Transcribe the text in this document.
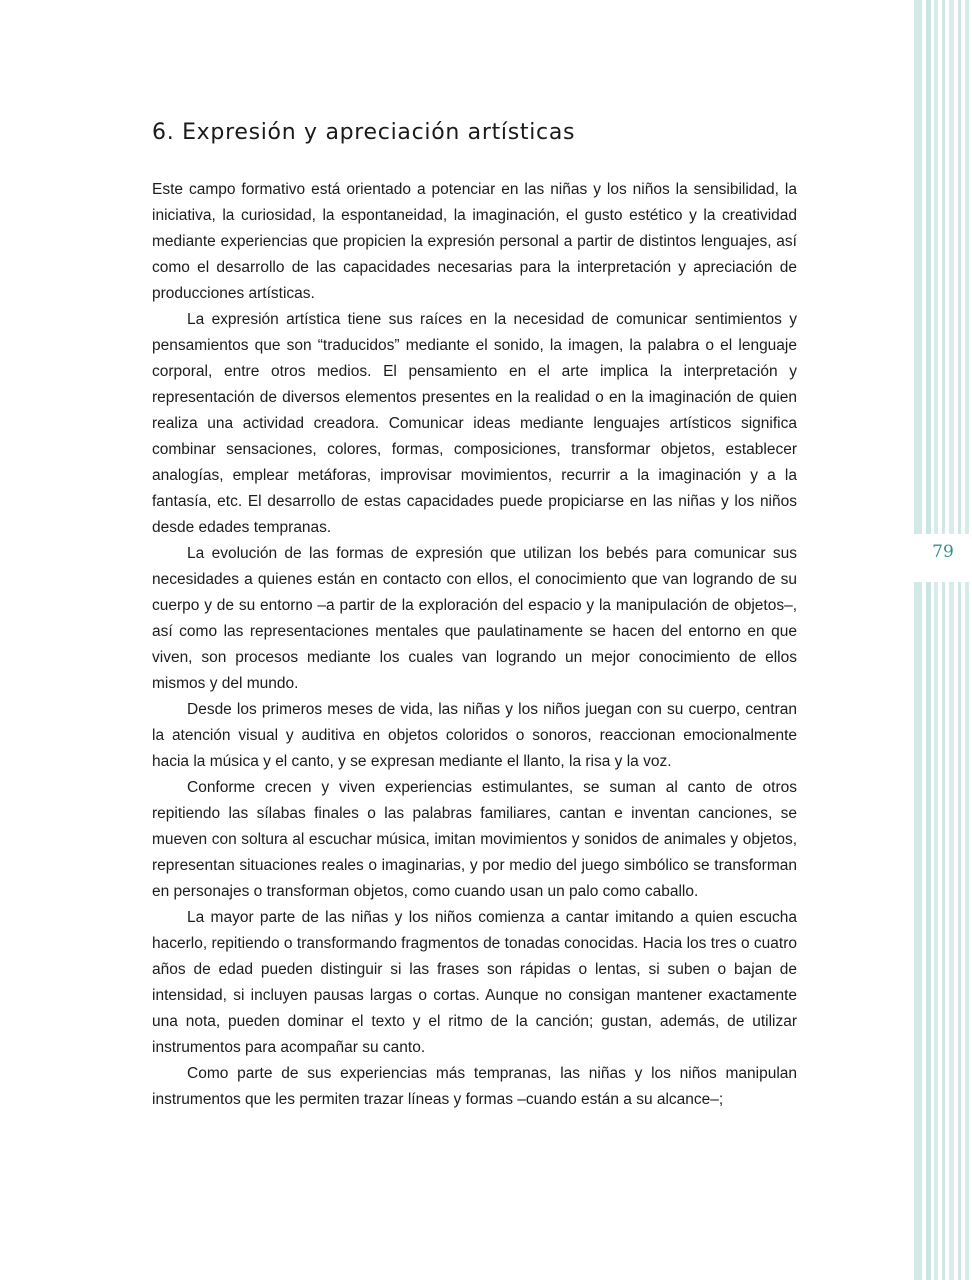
79
6. Expresión y apreciación artísticas

Este campo formativo está orientado a potenciar en las niñas y los niños la sensibilidad, la iniciativa, la curiosidad, la espontaneidad, la imaginación, el gusto estético y la creatividad mediante experiencias que propicien la expresión personal a partir de distintos lenguajes, así como el desarrollo de las capacidades necesarias para la interpretación y apreciación de producciones artísticas.

La expresión artística tiene sus raíces en la necesidad de comunicar sentimientos y pensamientos que son “traducidos” mediante el sonido, la imagen, la palabra o el lenguaje corporal, entre otros medios. El pensamiento en el arte implica la interpretación y representación de diversos elementos presentes en la realidad o en la imaginación de quien realiza una actividad creadora. Comunicar ideas mediante lenguajes artísticos significa combinar sensaciones, colores, formas, composiciones, transformar objetos, establecer analogías, emplear metáforas, improvisar movimientos, recurrir a la imaginación y a la fantasía, etc. El desarrollo de estas capacidades puede propiciarse en las niñas y los niños desde edades tempranas.

La evolución de las formas de expresión que utilizan los bebés para comunicar sus necesidades a quienes están en contacto con ellos, el conocimiento que van logrando de su cuerpo y de su entorno –a partir de la exploración del espacio y la manipulación de objetos–, así como las representaciones mentales que paulatinamente se hacen del entorno en que viven, son procesos mediante los cuales van logrando un mejor conocimiento de ellos mismos y del mundo.

Desde los primeros meses de vida, las niñas y los niños juegan con su cuerpo, centran la atención visual y auditiva en objetos coloridos o sonoros, reaccionan emocionalmente hacia la música y el canto, y se expresan mediante el llanto, la risa y la voz.

Conforme crecen y viven experiencias estimulantes, se suman al canto de otros repitiendo las sílabas finales o las palabras familiares, cantan e inventan canciones, se mueven con soltura al escuchar música, imitan movimientos y sonidos de animales y objetos, representan situaciones reales o imaginarias, y por medio del juego simbólico se transforman en personajes o transforman objetos, como cuando usan un palo como caballo.

La mayor parte de las niñas y los niños comienza a cantar imitando a quien escucha hacerlo, repitiendo o transformando fragmentos de tonadas conocidas. Hacia los tres o cuatro años de edad pueden distinguir si las frases son rápidas o lentas, si suben o bajan de intensidad, si incluyen pausas largas o cortas. Aunque no consigan mantener exactamente una nota, pueden dominar el texto y el ritmo de la canción; gustan, además, de utilizar instrumentos para acompañar su canto.

Como parte de sus experiencias más tempranas, las niñas y los niños manipulan instrumentos que les permiten trazar líneas y formas –cuando están a su alcance–;
